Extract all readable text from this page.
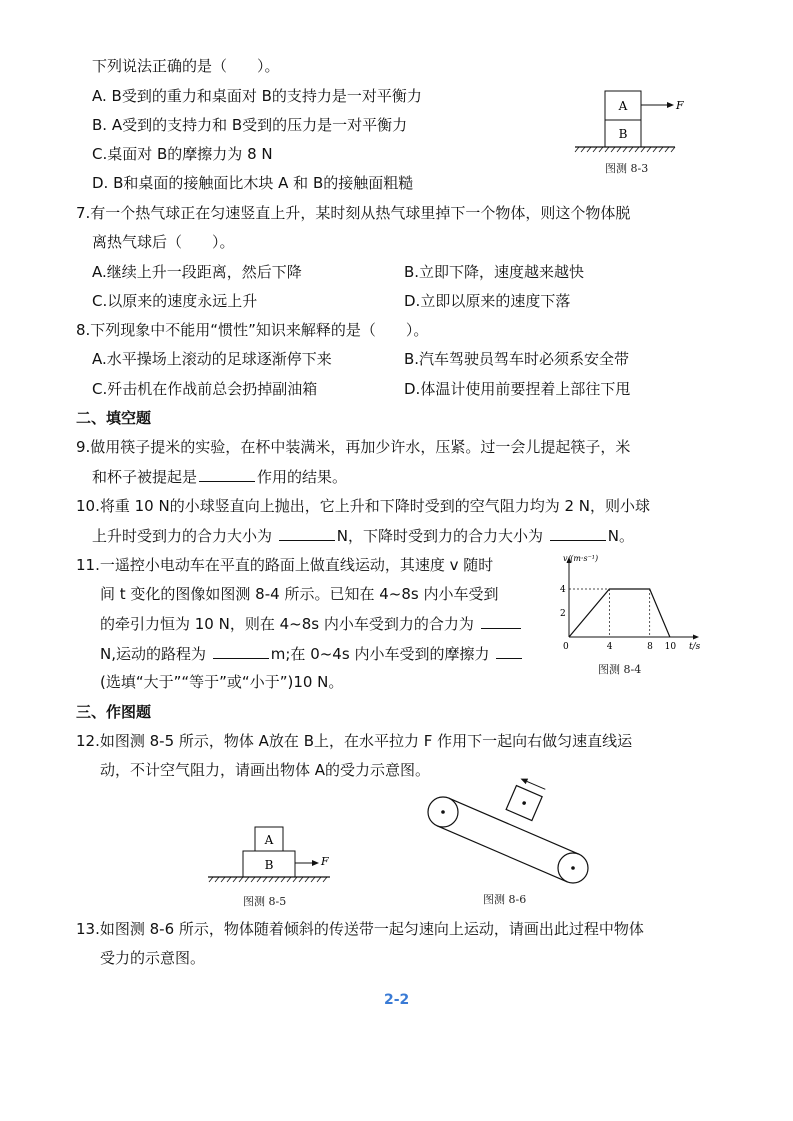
下列说法正确的是（　　）。
A. B受到的重力和桌面对 B的支持力是一对平衡力
B. A受到的支持力和 B受到的压力是一对平衡力
C.桌面对 B的摩擦力为 8 N
D. B和桌面的接触面比木块 A 和 B的接触面粗糙
A
B
F
图测 8-3
7.有一个热气球正在匀速竖直上升，某时刻从热气球里掉下一个物体，则这个物体脱
离热气球后（　　）。
A.继续上升一段距离，然后下降	B.立即下降，速度越来越快
C.以原来的速度永远上升	D.立即以原来的速度下落
8.下列现象中不能用“惯性”知识来解释的是（　　）。
A.水平操场上滚动的足球逐渐停下来	B.汽车驾驶员驾车时必须系安全带
C.歼击机在作战前总会扔掉副油箱	D.体温计使用前要捏着上部往下甩
二、填空题
9.做用筷子提米的实验，在杯中装满米，再加少许水，压紧。过一会儿提起筷子，米
和杯子被提起是	作用的结果。
10.将重 10 N的小球竖直向上抛出，它上升和下降时受到的空气阻力均为 2 N，则小球
上升时受到力的合力大小为	N，下降时受到力的合力大小为	N。
11.一遥控小电动车在平直的路面上做直线运动，其速度 v 随时
间 t 变化的图像如图测 8-4 所示。已知在 4~8s 内小车受到
的牵引力恒为 10 N，则在 4~8s 内小车受到力的合力为
N,运动的路程为	m;在 0~4s 内小车受到的摩擦力
(选填“大于”“等于”或“小于”)10 N。
v/(m·s⁻¹)
t/s
2
4
0	4	8 10
图测 8-4
三、作图题
12.如图测 8-5 所示，物体 A放在 B上，在水平拉力 F 作用下一起向右做匀速直线运
动，不计空气阻力，请画出物体 A的受力示意图。
A
B	F
图测 8-5	图测 8-6
13.如图测 8-6 所示，物体随着倾斜的传送带一起匀速向上运动，请画出此过程中物体
受力的示意图。
2-2
